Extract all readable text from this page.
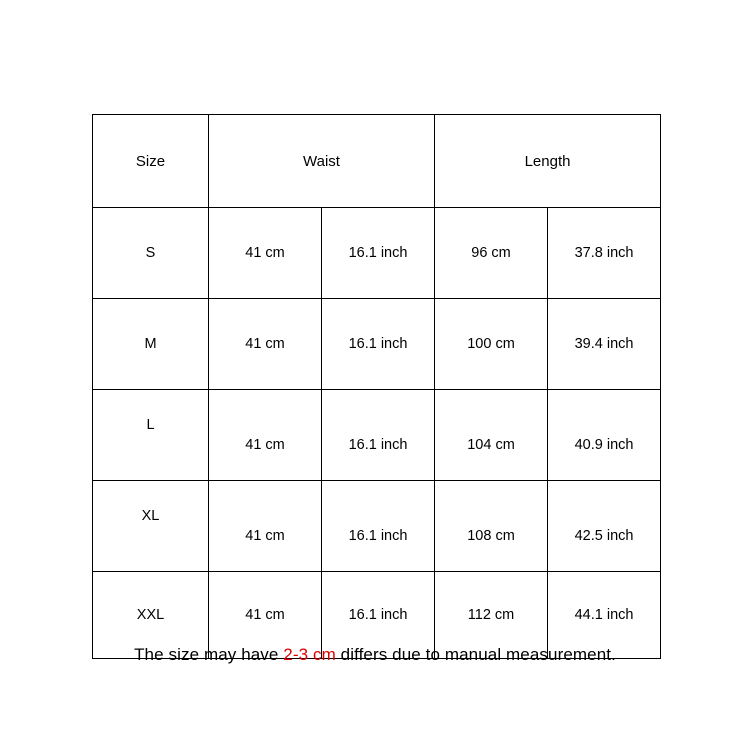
Size	Waist		Length	
S	41 cm	16.1 inch	96 cm	37.8 inch
M	41 cm	16.1 inch	100 cm	39.4 inch
L	41 cm	16.1 inch	104 cm	40.9 inch
XL	41 cm	16.1 inch	108 cm	42.5 inch
XXL	41 cm	16.1 inch	112 cm	44.1 inch
The size may have 2-3 cm differs due to manual measurement.
